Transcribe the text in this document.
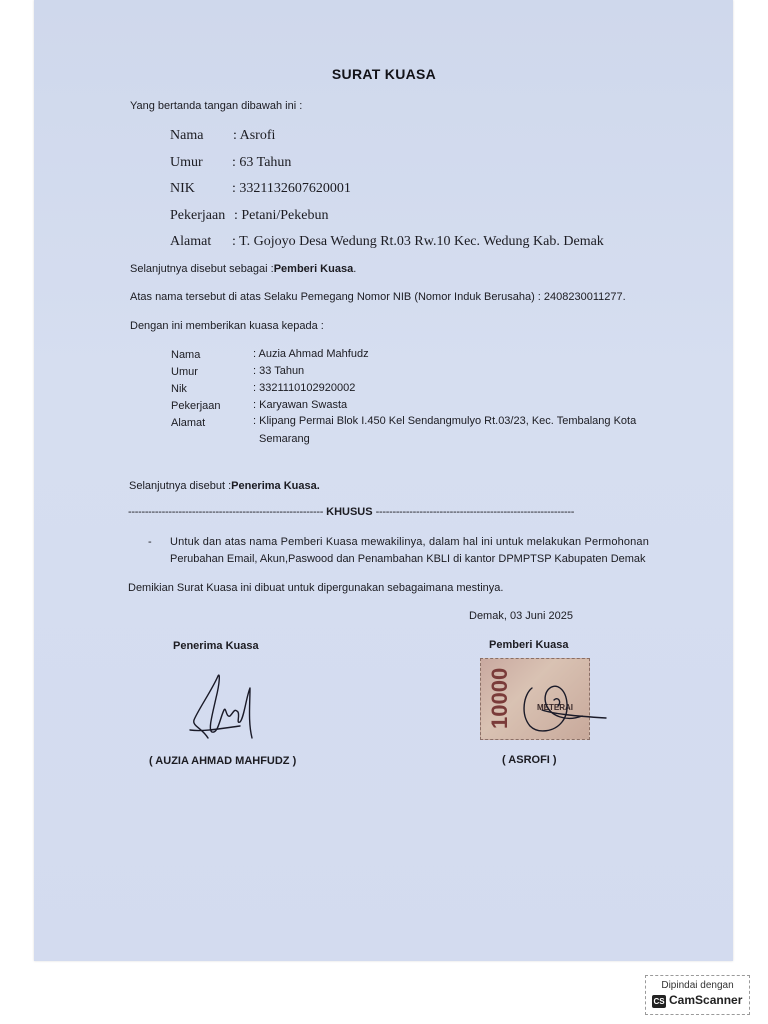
SURAT KUASA
Yang bertanda tangan dibawah ini :
Nama : Asrofi
Umur : 63 Tahun
NIK	: 3321132607620001
Pekerjaan : Petani/Pekebun
Alamat : T. Gojoyo Desa Wedung Rt.03 Rw.10 Kec. Wedung Kab. Demak
Selanjutnya disebut sebagai :Pemberi Kuasa.
Atas nama tersebut di atas Selaku Pemegang Nomor NIB (Nomor Induk Berusaha) : 2408230011277.
Dengan ini memberikan kuasa kepada :
Nama	: Auzia Ahmad Mahfudz
Umur	: 33 Tahun
Nik	: 3321110102920002
Pekerjaan	: Karyawan Swasta
Alamat	: Klipang Permai Blok I.450 Kel Sendangmulyo Rt.03/23, Kec. Tembalang Kota
Semarang
Selanjutnya disebut :Penerima Kuasa.
---------------------------------------------------------- KHUSUS -----------------------------------------------------------
- Untuk dan atas nama Pemberi Kuasa mewakilinya, dalam hal ini untuk melakukan Permohonan
Perubahan Email, Akun,Paswood dan Penambahan KBLI di kantor DPMPTSP Kabupaten Demak
Demikian Surat Kuasa ini dibuat untuk dipergunakan sebagaimana mestinya.
Demak, 03 Juni 2025
Penerima Kuasa	Pemberi Kuasa
10000	METERAI
( AUZIA AHMAD MAHFUDZ )	( ASROFI )
Dipindai dengan
CS CamScanner
